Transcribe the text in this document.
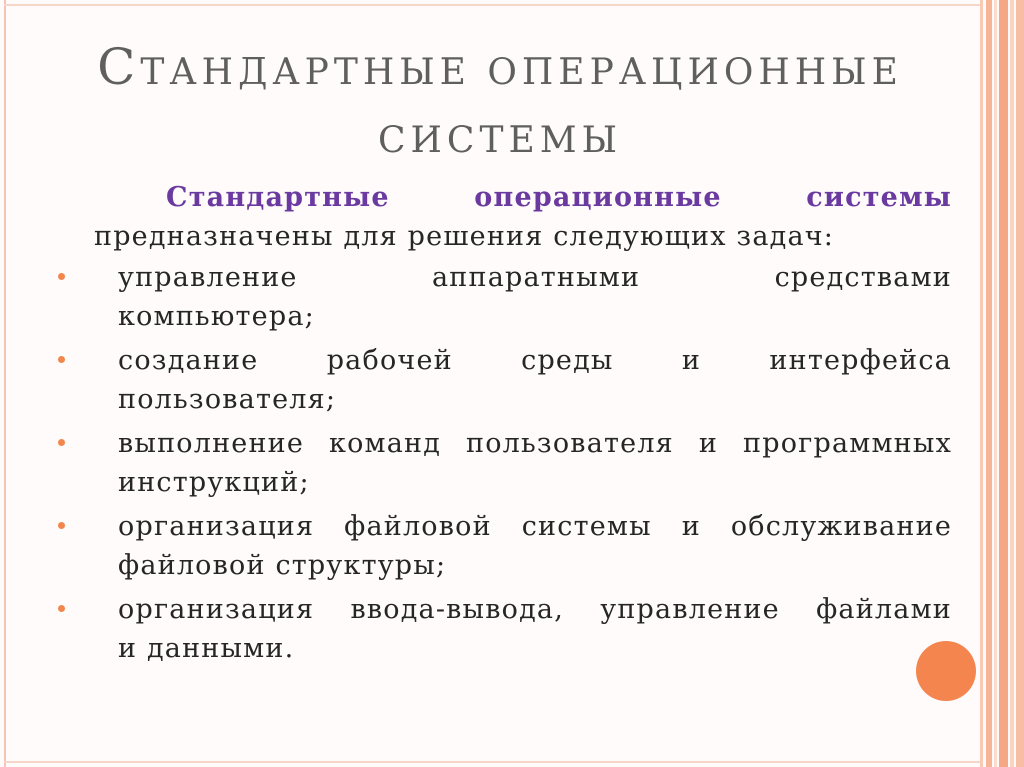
СТАНДАРТНЫЕ ОПЕРАЦИОННЫЕ
СИСТЕМЫ
Стандартные	операционные	системы
предназначены для решения следующих задач:
управление	аппаратными	средствами
компьютера;
создание	рабочей	среды	и	интерфейса
пользователя;
выполнение команд пользователя и программных
инструкций;
организация файловой системы и обслуживание
файловой структуры;
организация ввода-вывода, управление файлами
и данными.
